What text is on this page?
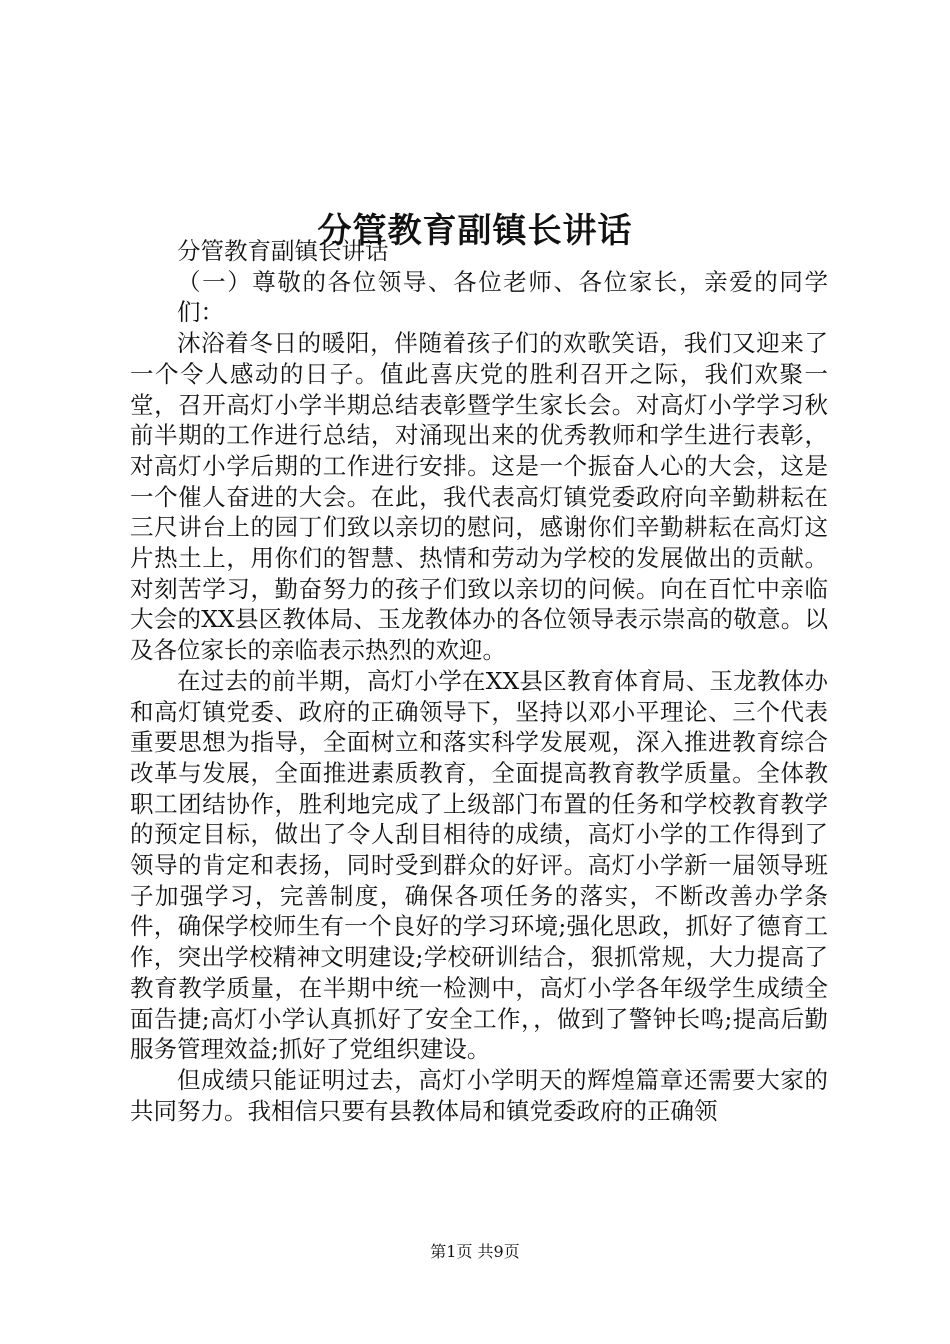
分管教育副镇长讲话

分管教育副镇长讲话

（一）尊敬的各位领导、各位老师、各位家长，亲爱的同学们：

沐浴着冬日的暖阳，伴随着孩子们的欢歌笑语，我们又迎来了一个令人感动的日子。值此喜庆党的胜利召开之际，我们欢聚一堂，召开高灯小学半期总结表彰暨学生家长会。对高灯小学学习秋前半期的工作进行总结，对涌现出来的优秀教师和学生进行表彰，对高灯小学后期的工作进行安排。这是一个振奋人心的大会，这是一个催人奋进的大会。在此，我代表高灯镇党委政府向辛勤耕耘在三尺讲台上的园丁们致以亲切的慰问，感谢你们辛勤耕耘在高灯这片热土上，用你们的智慧、热情和劳动为学校的发展做出的贡献。对刻苦学习，勤奋努力的孩子们致以亲切的问候。向在百忙中亲临大会的XX县区教体局、玉龙教体办的各位领导表示崇高的敬意。以及各位家长的亲临表示热烈的欢迎。

在过去的前半期，高灯小学在XX县区教育体育局、玉龙教体办和高灯镇党委、政府的正确领导下，坚持以邓小平理论、三个代表重要思想为指导，全面树立和落实科学发展观，深入推进教育综合改革与发展，全面推进素质教育，全面提高教育教学质量。全体教职工团结协作，胜利地完成了上级部门布置的任务和学校教育教学的预定目标，做出了令人刮目相待的成绩，高灯小学的工作得到了领导的肯定和表扬，同时受到群众的好评。高灯小学新一届领导班子加强学习，完善制度，确保各项任务的落实，不断改善办学条件，确保学校师生有一个良好的学习环境;强化思政，抓好了德育工作，突出学校精神文明建设;学校研训结合，狠抓常规，大力提高了教育教学质量，在半期中统一检测中，高灯小学各年级学生成绩全面告捷;高灯小学认真抓好了安全工作，，做到了警钟长鸣;提高后勤服务管理效益;抓好了党组织建设。

但成绩只能证明过去，高灯小学明天的辉煌篇章还需要大家的共同努力。我相信只要有县教体局和镇党委政府的正确领

第1页 共9页
